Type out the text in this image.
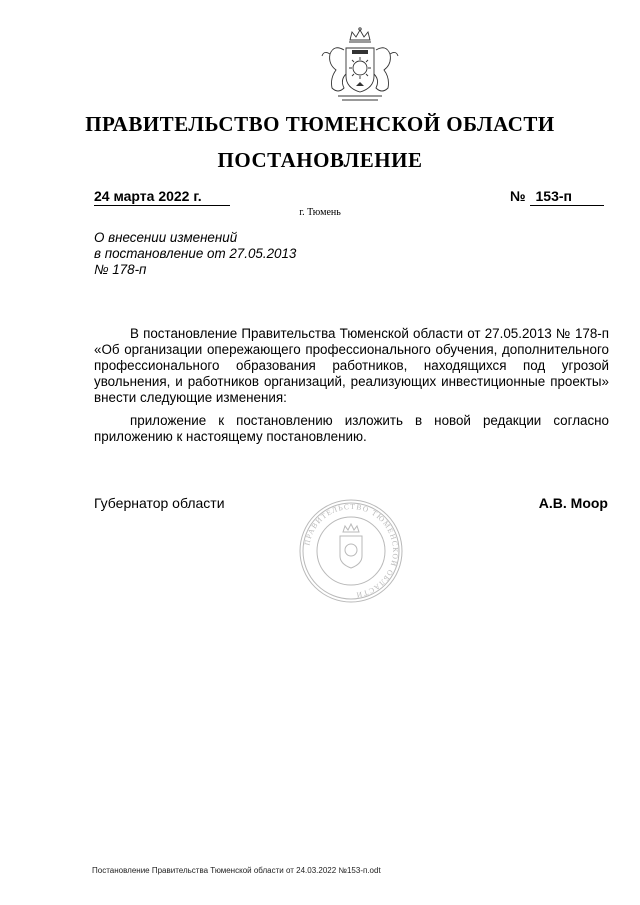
ПРАВИТЕЛЬСТВО ТЮМЕНСКОЙ ОБЛАСТИ
ПОСТАНОВЛЕНИЕ
24 марта 2022 г.	№ 153-п
г. Тюмень
О внесении изменений
в постановление от 27.05.2013
№ 178-п

В постановление Правительства Тюменской области от 27.05.2013 № 178-п «Об организации опережающего профессионального обучения, дополнительного профессионального образования работников, находящихся под угрозой увольнения, и работников организаций, реализующих инвестиционные проекты» внести следующие изменения:

приложение к постановлению изложить в новой редакции согласно приложению к настоящему постановлению.

Губернатор области
ПРАВИТЕЛЬСТВО ТЮМЕНСКОЙ ОБЛАСТИ
А.В. Моор
Постановление Правительства Тюменской области от 24.03.2022 №153-п.odt
